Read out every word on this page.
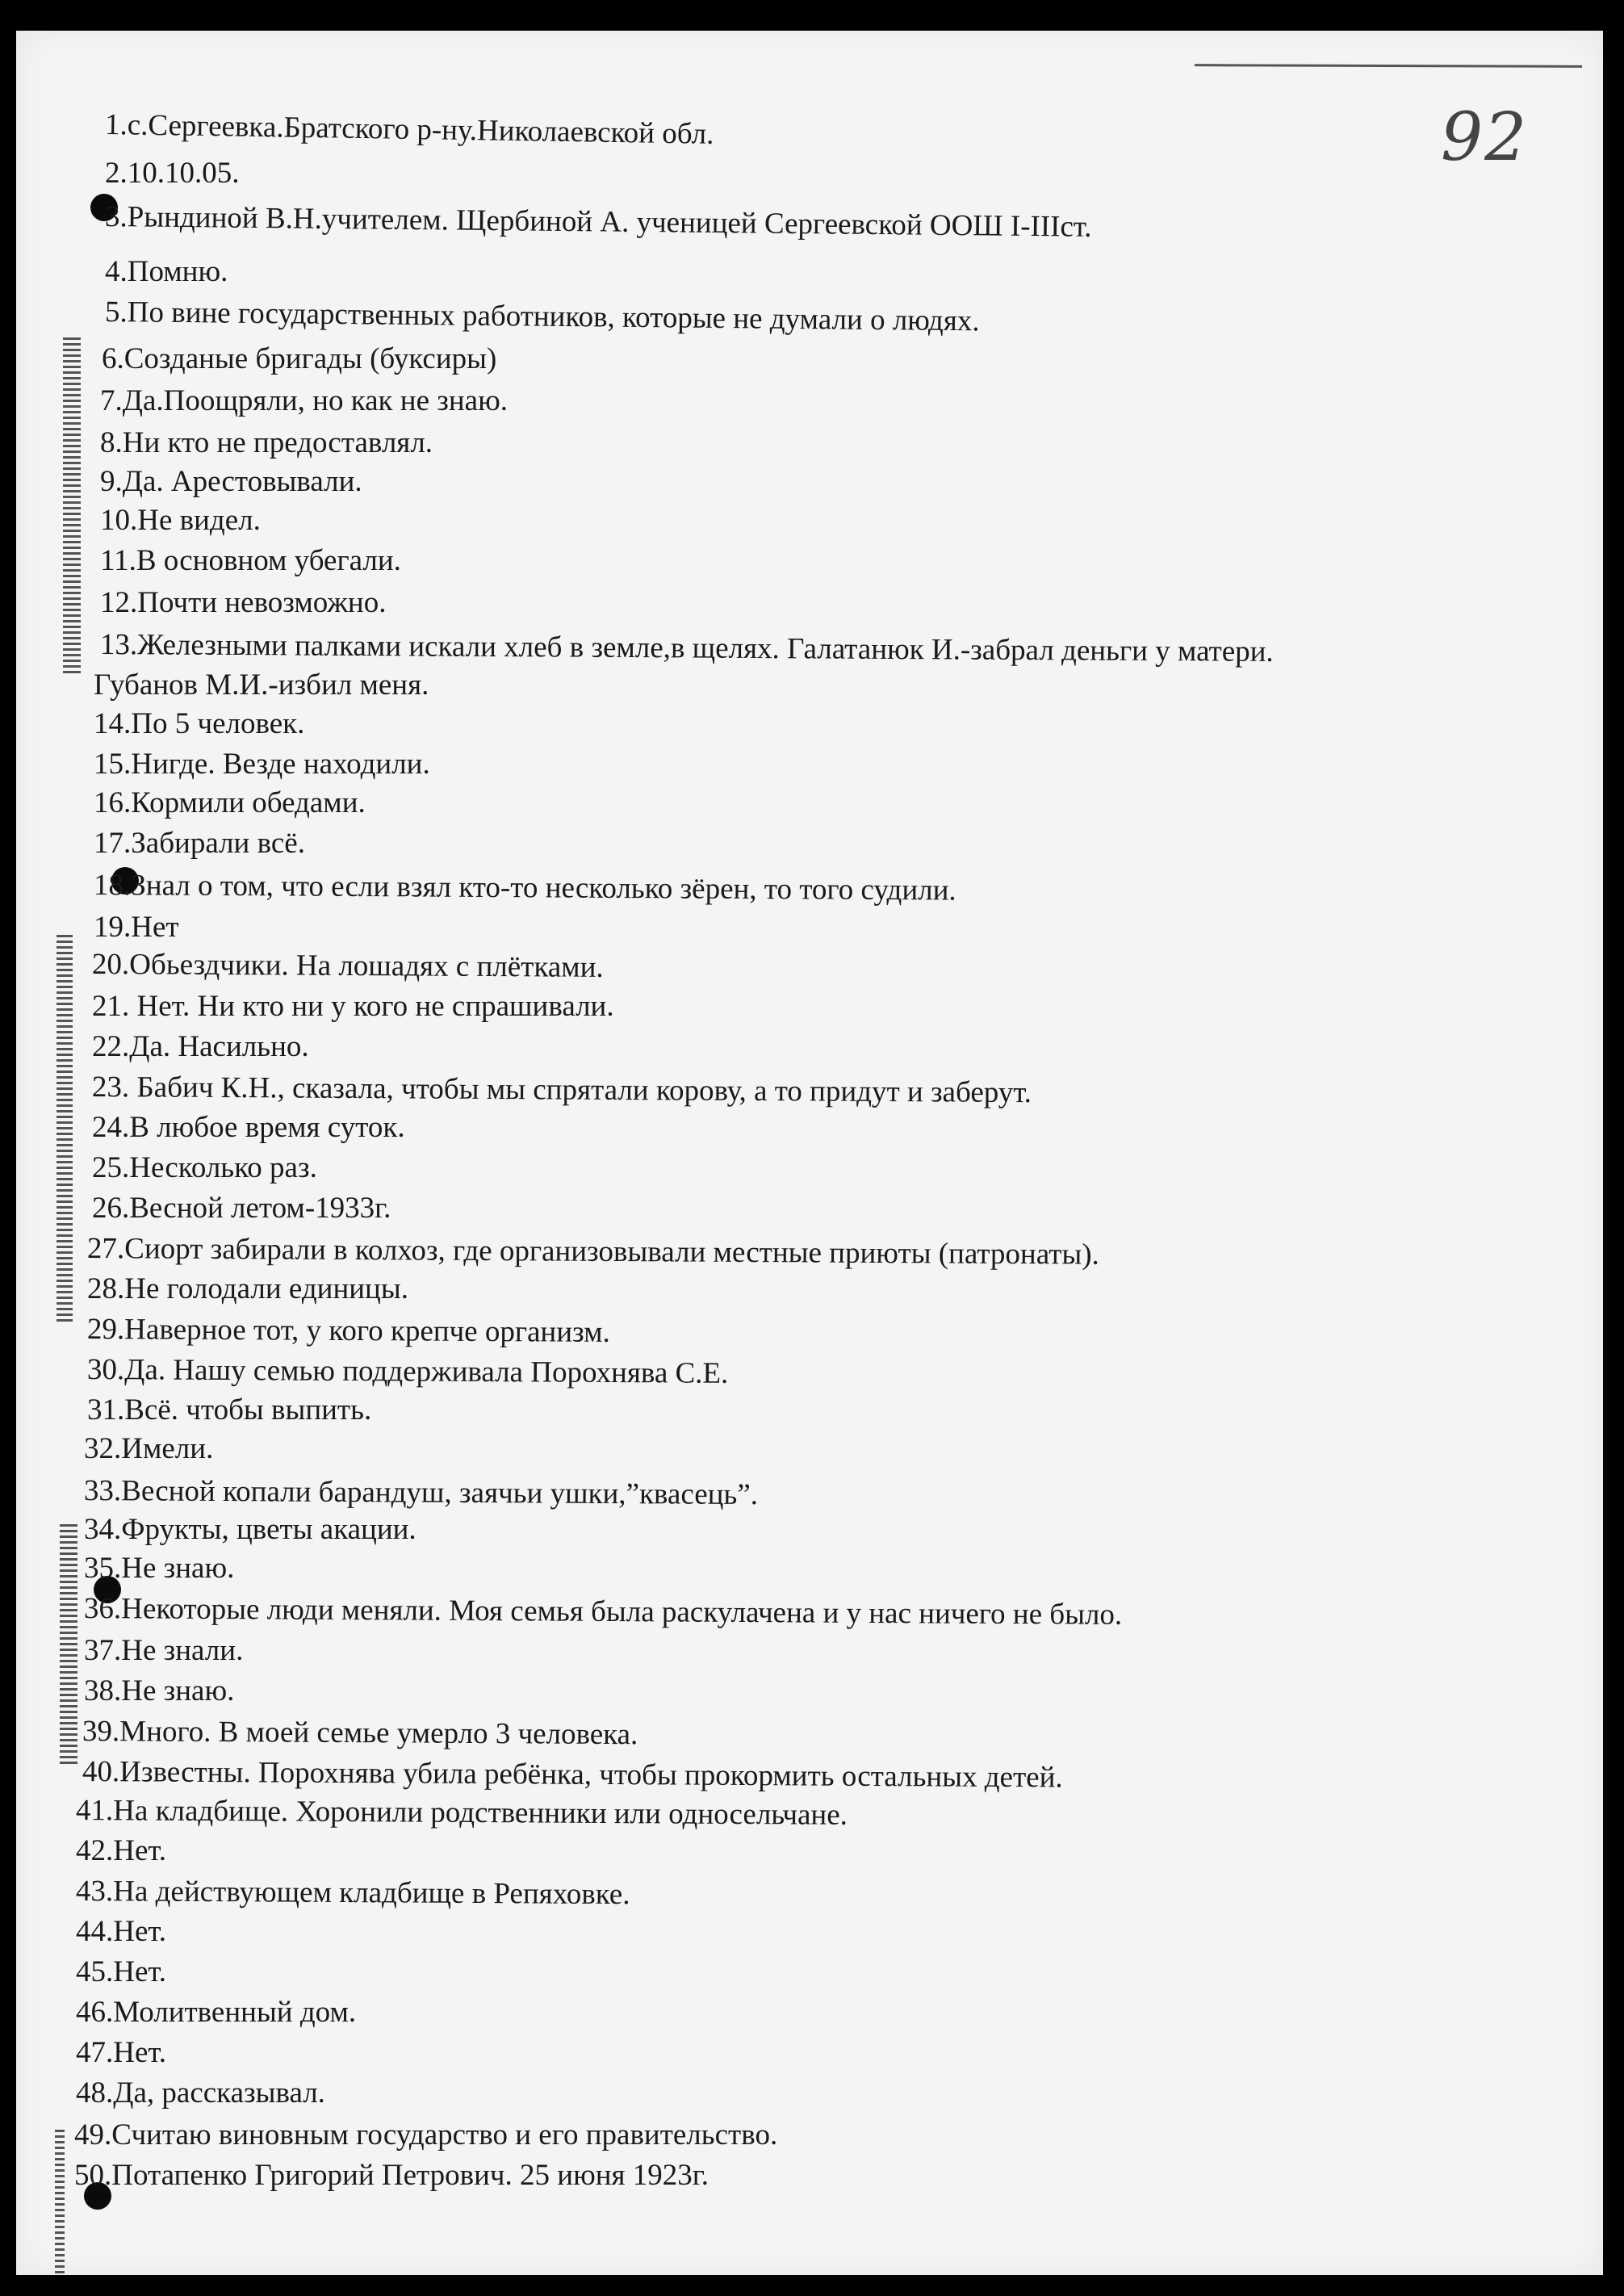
92
1.с.Сергеевка.Братского р-ну.Николаевской обл.
2.10.10.05.
3.Рындиной В.Н.учителем. Щербиной А. ученицей Сергеевской ООШ I-IIIст.
4.Помню.
5.По вине государственных работников, которые не думали о людях.
6.Созданые бригады (буксиры)
7.Да.Поощряли, но как не знаю.
8.Ни кто не предоставлял.
9.Да. Арестовывали.
10.Не видел.
11.В основном убегали.
12.Почти невозможно.
13.Железными палками искали хлеб в земле,в щелях. Галатанюк И.-забрал деньги у матери.
Губанов М.И.-избил меня.
14.По 5 человек.
15.Нигде. Везде находили.
16.Кормили обедами.
17.Забирали всё.
18.Знал о том, что если взял кто-то несколько зёрен, то того судили.
19.Нет
20.Обьездчики. На лошадях с плётками.
21. Нет. Ни кто ни у кого не спрашивали.
22.Да. Насильно.
23. Бабич К.Н., сказала, чтобы мы спрятали корову, а то придут и заберут.
24.В любое время суток.
25.Несколько раз.
26.Весной летом-1933г.
27.Сиорт забирали в колхоз, где организовывали местные приюты (патронаты).
28.Не голодали единицы.
29.Наверное тот, у кого крепче организм.
30.Да. Нашу семью поддерживала Порохнява С.Е.
31.Всё. чтобы выпить.
32.Имели.
33.Весной копали барандуш, заячьи ушки,”квасець”.
34.Фрукты, цветы акации.
35.Не знаю.
36.Некоторые люди меняли. Моя семья была раскулачена и у нас ничего не было.
37.Не знали.
38.Не знаю.
39.Много. В моей семье умерло 3 человека.
40.Известны. Порохнява убила ребёнка, чтобы прокормить остальных детей.
41.На кладбище. Хоронили родственники или односельчане.
42.Нет.
43.На действующем кладбище в Репяховке.
44.Нет.
45.Нет.
46.Молитвенный дом.
47.Нет.
48.Да, рассказывал.
49.Считаю виновным государство и его правительство.
50.Потапенко Григорий Петрович. 25 июня 1923г.
